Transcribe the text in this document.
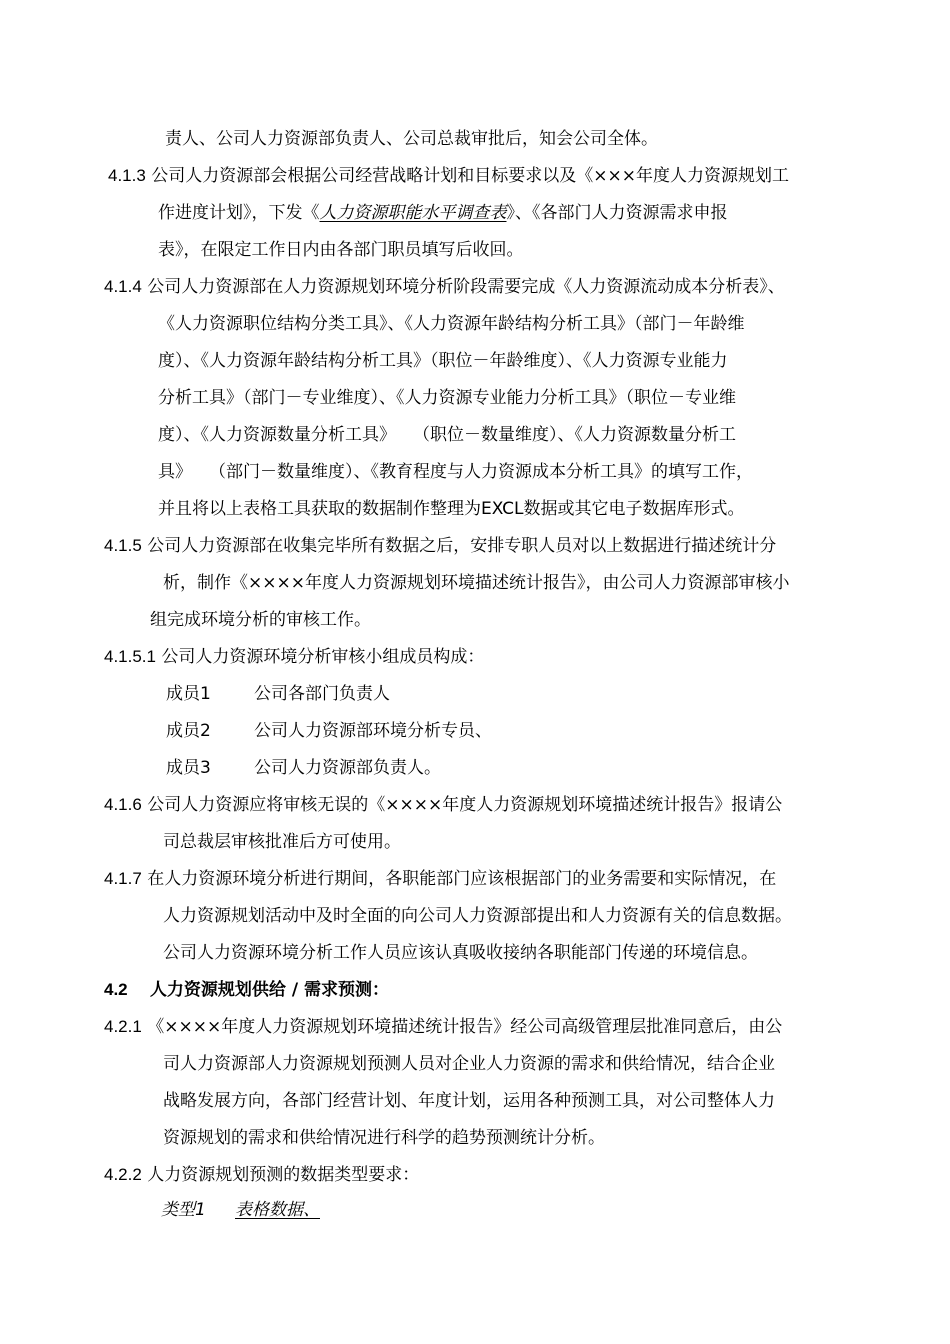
责人、公司人力资源部负责人、公司总裁审批后，知会公司全体。
4.1.3 公司人力资源部会根据公司经营战略计划和目标要求以及《×××年度人力资源规划工
作进度计划》，下发《人力资源职能水平调查表》、《各部门人力资源需求申报
表》，在限定工作日内由各部门职员填写后收回。
4.1.4 公司人力资源部在人力资源规划环境分析阶段需要完成《人力资源流动成本分析表》、
《人力资源职位结构分类工具》、《人力资源年龄结构分析工具》（部门－年龄维
度）、《人力资源年龄结构分析工具》（职位－年龄维度）、《人力资源专业能力
分析工具》（部门－专业维度）、《人力资源专业能力分析工具》（职位－专业维
度）、《人力资源数量分析工具》　　（职位－数量维度）、《人力资源数量分析工
具》　　（部门－数量维度）、《教育程度与人力资源成本分析工具》的填写工作，
并且将以上表格工具获取的数据制作整理为EXCL数据或其它电子数据库形式。
4.1.5 公司人力资源部在收集完毕所有数据之后，安排专职人员对以上数据进行描述统计分
析，制作《××××年度人力资源规划环境描述统计报告》，由公司人力资源部审核小
组完成环境分析的审核工作。
4.1.5.1 公司人力资源环境分析审核小组成员构成：
成员1	公司各部门负责人
成员2	公司人力资源部环境分析专员、
成员3	公司人力资源部负责人。
4.1.6 公司人力资源应将审核无误的《××××年度人力资源规划环境描述统计报告》报请公
司总裁层审核批准后方可使用。
4.1.7 在人力资源环境分析进行期间，各职能部门应该根据部门的业务需要和实际情况，在
人力资源规划活动中及时全面的向公司人力资源部提出和人力资源有关的信息数据。
公司人力资源环境分析工作人员应该认真吸收接纳各职能部门传递的环境信息。
4.2 人力资源规划供给 / 需求预测：
4.2.1 《××××年度人力资源规划环境描述统计报告》经公司高级管理层批准同意后，由公
司人力资源部人力资源规划预测人员对企业人力资源的需求和供给情况，结合企业
战略发展方向，各部门经营计划、年度计划，运用各种预测工具，对公司整体人力
资源规划的需求和供给情况进行科学的趋势预测统计分析。
4.2.2 人力资源规划预测的数据类型要求：
类型1 表格数据、
